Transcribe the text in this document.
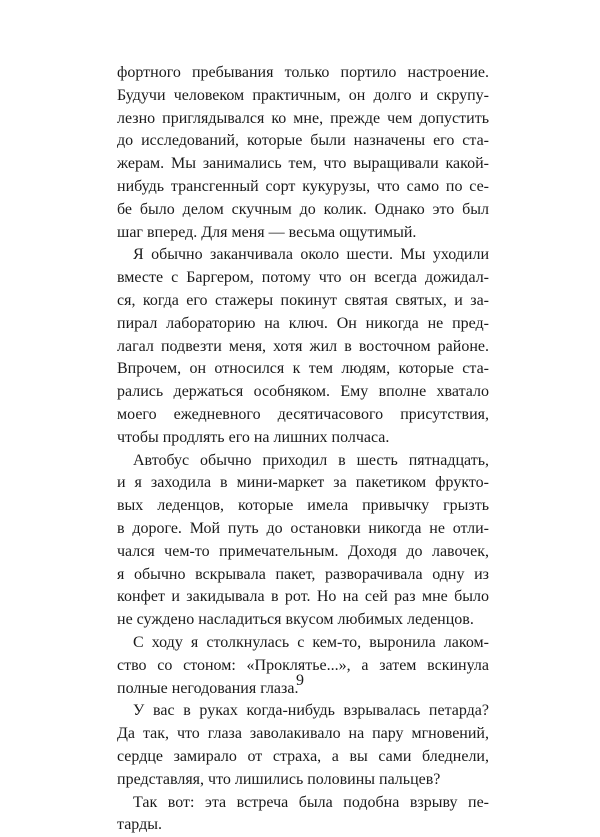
фортного пребывания только портило настроение.
Будучи человеком практичным, он долго и скрупу-
лезно приглядывался ко мне, прежде чем допустить
до исследований, которые были назначены его ста-
жерам. Мы занимались тем, что выращивали какой-
нибудь трансгенный сорт кукурузы, что само по се-
бе было делом скучным до колик. Однако это был
шаг вперед. Для меня — весьма ощутимый.
Я обычно заканчивала около шести. Мы уходили
вместе с Баргером, потому что он всегда дожидал-
ся, когда его стажеры покинут святая святых, и за-
пирал лабораторию на ключ. Он никогда не пред-
лагал подвезти меня, хотя жил в восточном районе.
Впрочем, он относился к тем людям, которые ста-
рались держаться особняком. Ему вполне хватало
моего ежедневного десятичасового присутствия,
чтобы продлять его на лишних полчаса.
Автобус обычно приходил в шесть пятнадцать,
и я заходила в мини-маркет за пакетиком фрукто-
вых леденцов, которые имела привычку грызть
в дороге. Мой путь до остановки никогда не отли-
чался чем-то примечательным. Доходя до лавочек,
я обычно вскрывала пакет, разворачивала одну из
конфет и закидывала в рот. Но на сей раз мне было
не суждено насладиться вкусом любимых леденцов.
С ходу я столкнулась с кем-то, выронила лаком-
ство со стоном: «Проклятье...», а затем вскинула
полные негодования глаза.
У вас в руках когда-нибудь взрывалась петарда?
Да так, что глаза заволакивало на пару мгновений,
сердце замирало от страха, а вы сами бледнели,
представляя, что лишились половины пальцев?
Так вот: эта встреча была подобна взрыву пе-
тарды.
9
